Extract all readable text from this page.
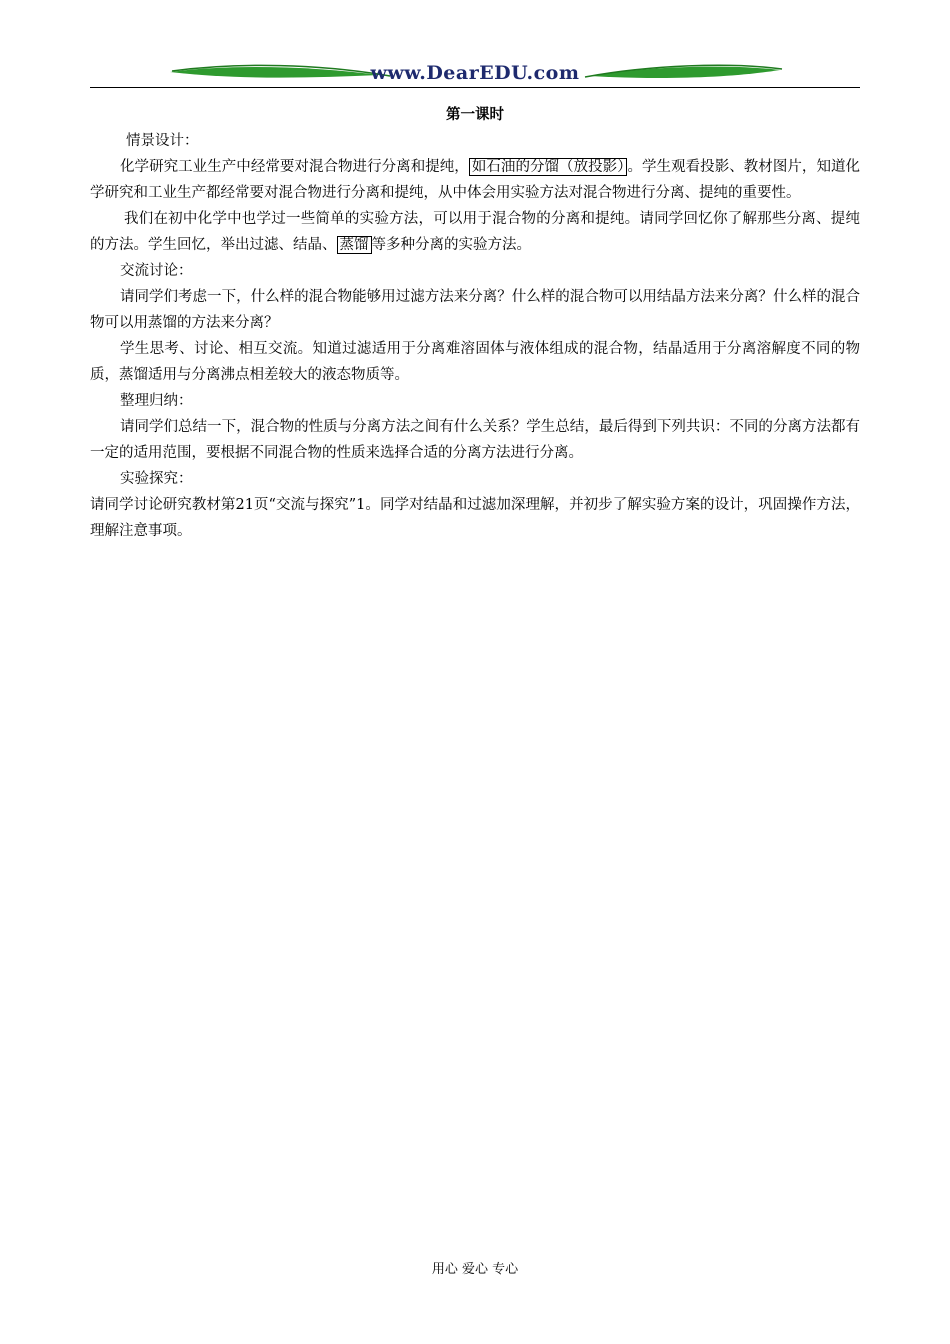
www.DearEDU.com
第一课时

情景设计：

化学研究工业生产中经常要对混合物进行分离和提纯， 如石油的分馏（放投影） 。学生观看投影、教材图片，知道化学研究和工业生产都经常要对混合物进行分离和提纯，从中体会用实验方法对混合物进行分离、提纯的重要性。

我们在初中化学中也学过一些简单的实验方法，可以用于混合物的分离和提纯。请同学回忆你了解那些分离、提纯的方法。学生回忆，举出过滤、结晶、 蒸馏 等多种分离的实验方法。

交流讨论：

请同学们考虑一下，什么样的混合物能够用过滤方法来分离？什么样的混合物可以用结晶方法来分离？什么样的混合物可以用蒸馏的方法来分离？

学生思考、讨论、相互交流。知道过滤适用于分离难溶固体与液体组成的混合物，结晶适用于分离溶解度不同的物质，蒸馏适用与分离沸点相差较大的液态物质等。

整理归纳：

请同学们总结一下，混合物的性质与分离方法之间有什么关系？学生总结，最后得到下列共识：不同的分离方法都有一定的适用范围，要根据不同混合物的性质来选择合适的分离方法进行分离。

实验探究：

请同学讨论研究教材第21页“交流与探究”1。同学对结晶和过滤加深理解，并初步了解实验方案的设计，巩固操作方法，理解注意事项。

用心 爱心 专心
